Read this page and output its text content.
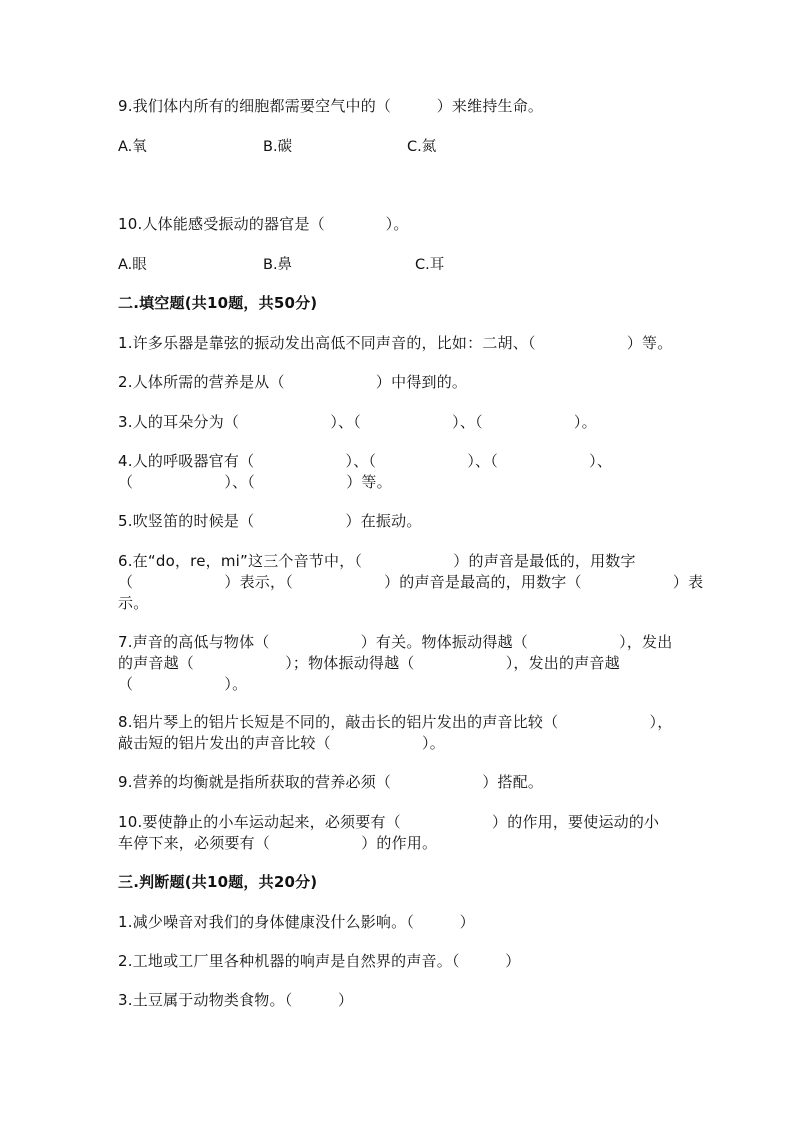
9.我们体内所有的细胞都需要空气中的（　　　）来维持生命。
A.氧	B.碳	C.氮
10.人体能感受振动的器官是（　　　　）。
A.眼	B.鼻	C.耳
二.填空题(共10题，共50分)
1.许多乐器是靠弦的振动发出高低不同声音的，比如：二胡、（　　　　　　）等。
2.人体所需的营养是从（　　　　　　）中得到的。
3.人的耳朵分为（　　　　　　）、（　　　　　　）、（　　　　　　）。
4.人的呼吸器官有（　　　　　　）、（　　　　　　）、（　　　　　　）、
（　　　　　　）、（　　　　　　）等。
5.吹竖笛的时候是（　　　　　　）在振动。
6.在“do，re，mi”这三个音节中，（　　　　　　）的声音是最低的，用数字
（　　　　　　）表示，（　　　　　　）的声音是最高的，用数字（　　　　　　）表
示。
7.声音的高低与物体（　　　　　　）有关。物体振动得越（　　　　　　），发出
的声音越（　　　　　　）；物体振动得越（　　　　　　），发出的声音越
（　　　　　　）。
8.铝片琴上的铝片长短是不同的，敲击长的铝片发出的声音比较（　　　　　　），
敲击短的铝片发出的声音比较（　　　　　　）。
9.营养的均衡就是指所获取的营养必须（　　　　　　）搭配。
10.要使静止的小车运动起来，必须要有（　　　　　　）的作用，要使运动的小
车停下来，必须要有（　　　　　　）的作用。
三.判断题(共10题，共20分)
1.减少噪音对我们的身体健康没什么影响。（　　　）
2.工地或工厂里各种机器的响声是自然界的声音。（　　　）
3.土豆属于动物类食物。（　　　）
